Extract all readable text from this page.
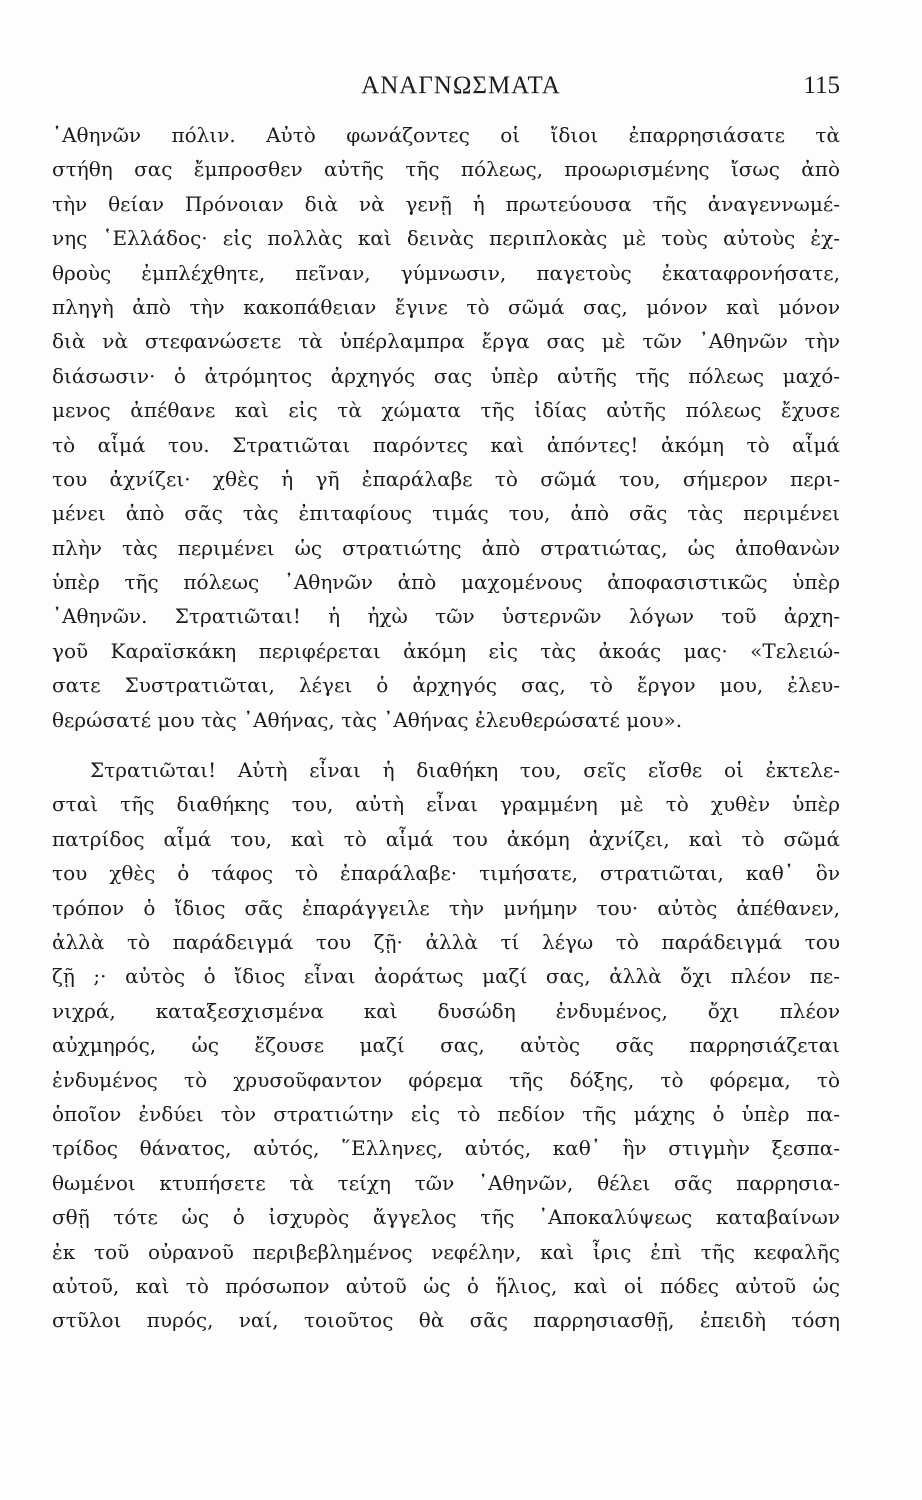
ΑΝΑΓΝΩΣΜΑΤΑ	115
῾Αθηνῶν πόλιν. Αὐτὸ φωνάζοντες οἱ ἴδιοι ἐπαρρησιάσατε τὰ
στήθη σας ἔμπροσθεν αὐτῆς τῆς πόλεως, προωρισμένης ἴσως ἀπὸ
τὴν θείαν Πρόνοιαν διὰ νὰ γενῇ ἡ πρωτεύουσα τῆς ἀναγεννωμέ-
νης ῾Ελλάδος· εἰς πολλὰς καὶ δεινὰς περιπλοκὰς μὲ τοὺς αὐτοὺς ἐχ-
θροὺς ἐμπλέχθητε, πεῖναν, γύμνωσιν, παγετοὺς ἐκαταφρονήσατε,
πληγὴ ἀπὸ τὴν κακοπάθειαν ἔγινε τὸ σῶμά σας, μόνον καὶ μόνον
διὰ νὰ στεφανώσετε τὰ ὑπέρλαμπρα ἔργα σας μὲ τῶν ᾿Αθηνῶν τὴν
διάσωσιν· ὁ ἀτρόμητος ἀρχηγός σας ὑπὲρ αὐτῆς τῆς πόλεως μαχό-
μενος ἀπέθανε καὶ εἰς τὰ χώματα τῆς ἰδίας αὐτῆς πόλεως ἔχυσε
τὸ αἷμά του. Στρατιῶται παρόντες καὶ ἀπόντες! ἀκόμη τὸ αἷμά
του ἀχνίζει· χθὲς ἡ γῆ ἐπαράλαβε τὸ σῶμά του, σήμερον περι-
μένει ἀπὸ σᾶς τὰς ἐπιταφίους τιμάς του, ἀπὸ σᾶς τὰς περιμένει
πλὴν τὰς περιμένει ὡς στρατιώτης ἀπὸ στρατιώτας, ὡς ἀποθανὼν
ὑπὲρ τῆς πόλεως ᾿Αθηνῶν ἀπὸ μαχομένους ἀποφασιστικῶς ὑπὲρ
᾿Αθηνῶν. Στρατιῶται! ἡ ἠχὼ τῶν ὑστερνῶν λόγων τοῦ ἀρχη-
γοῦ Καραϊσκάκη περιφέρεται ἀκόμη εἰς τὰς ἀκοάς μας· «Τελειώ-
σατε Συστρατιῶται, λέγει ὁ ἀρχηγός σας, τὸ ἔργον μου, ἐλευ-
θερώσατέ μου τὰς ᾿Αθήνας, τὰς ᾿Αθήνας ἐλευθερώσατέ μου».
Στρατιῶται! Αὐτὴ εἶναι ἡ διαθήκη του, σεῖς εἴσθε οἱ ἐκτελε-
σταὶ τῆς διαθήκης του, αὐτὴ εἶναι γραμμένη μὲ τὸ χυθὲν ὑπὲρ
πατρίδος αἷμά του, καὶ τὸ αἷμά του ἀκόμη ἀχνίζει, καὶ τὸ σῶμά
του χθὲς ὁ τάφος τὸ ἐπαράλαβε· τιμήσατε, στρατιῶται, καθ᾿ ὃν
τρόπον ὁ ἴδιος σᾶς ἐπαράγγειλε τὴν μνήμην του· αὐτὸς ἀπέθανεν,
ἀλλὰ τὸ παράδειγμά του ζῇ· ἀλλὰ τί λέγω τὸ παράδειγμά του
ζῇ ;· αὐτὸς ὁ ἴδιος εἶναι ἀοράτως μαζί σας, ἀλλὰ ὄχι πλέον πε-
νιχρά, καταξεσχισμένα καὶ δυσώδη ἐνδυμένος, ὄχι πλέον
αὐχμηρός, ὡς ἔζουσε μαζί σας, αὐτὸς σᾶς παρρησιάζεται
ἐνδυμένος τὸ χρυσοῦφαντον φόρεμα τῆς δόξης, τὸ φόρεμα, τὸ
ὁποῖον ἐνδύει τὸν στρατιώτην εἰς τὸ πεδίον τῆς μάχης ὁ ὑπὲρ πα-
τρίδος θάνατος, αὐτός, ῞Ελληνες, αὐτός, καθ᾿ ἣν στιγμὴν ξεσπα-
θωμένοι κτυπήσετε τὰ τείχη τῶν ᾿Αθηνῶν, θέλει σᾶς παρρησια-
σθῇ τότε ὡς ὁ ἰσχυρὸς ἄγγελος τῆς ᾿Αποκαλύψεως καταβαίνων
ἐκ τοῦ οὐρανοῦ περιβεβλημένος νεφέλην, καὶ ἶρις ἐπὶ τῆς κεφαλῆς
αὐτοῦ, καὶ τὸ πρόσωπον αὐτοῦ ὡς ὁ ἥλιος, καὶ οἱ πόδες αὐτοῦ ὡς
στῦλοι πυρός, ναί, τοιοῦτος θὰ σᾶς παρρησιασθῇ, ἐπειδὴ τόση
